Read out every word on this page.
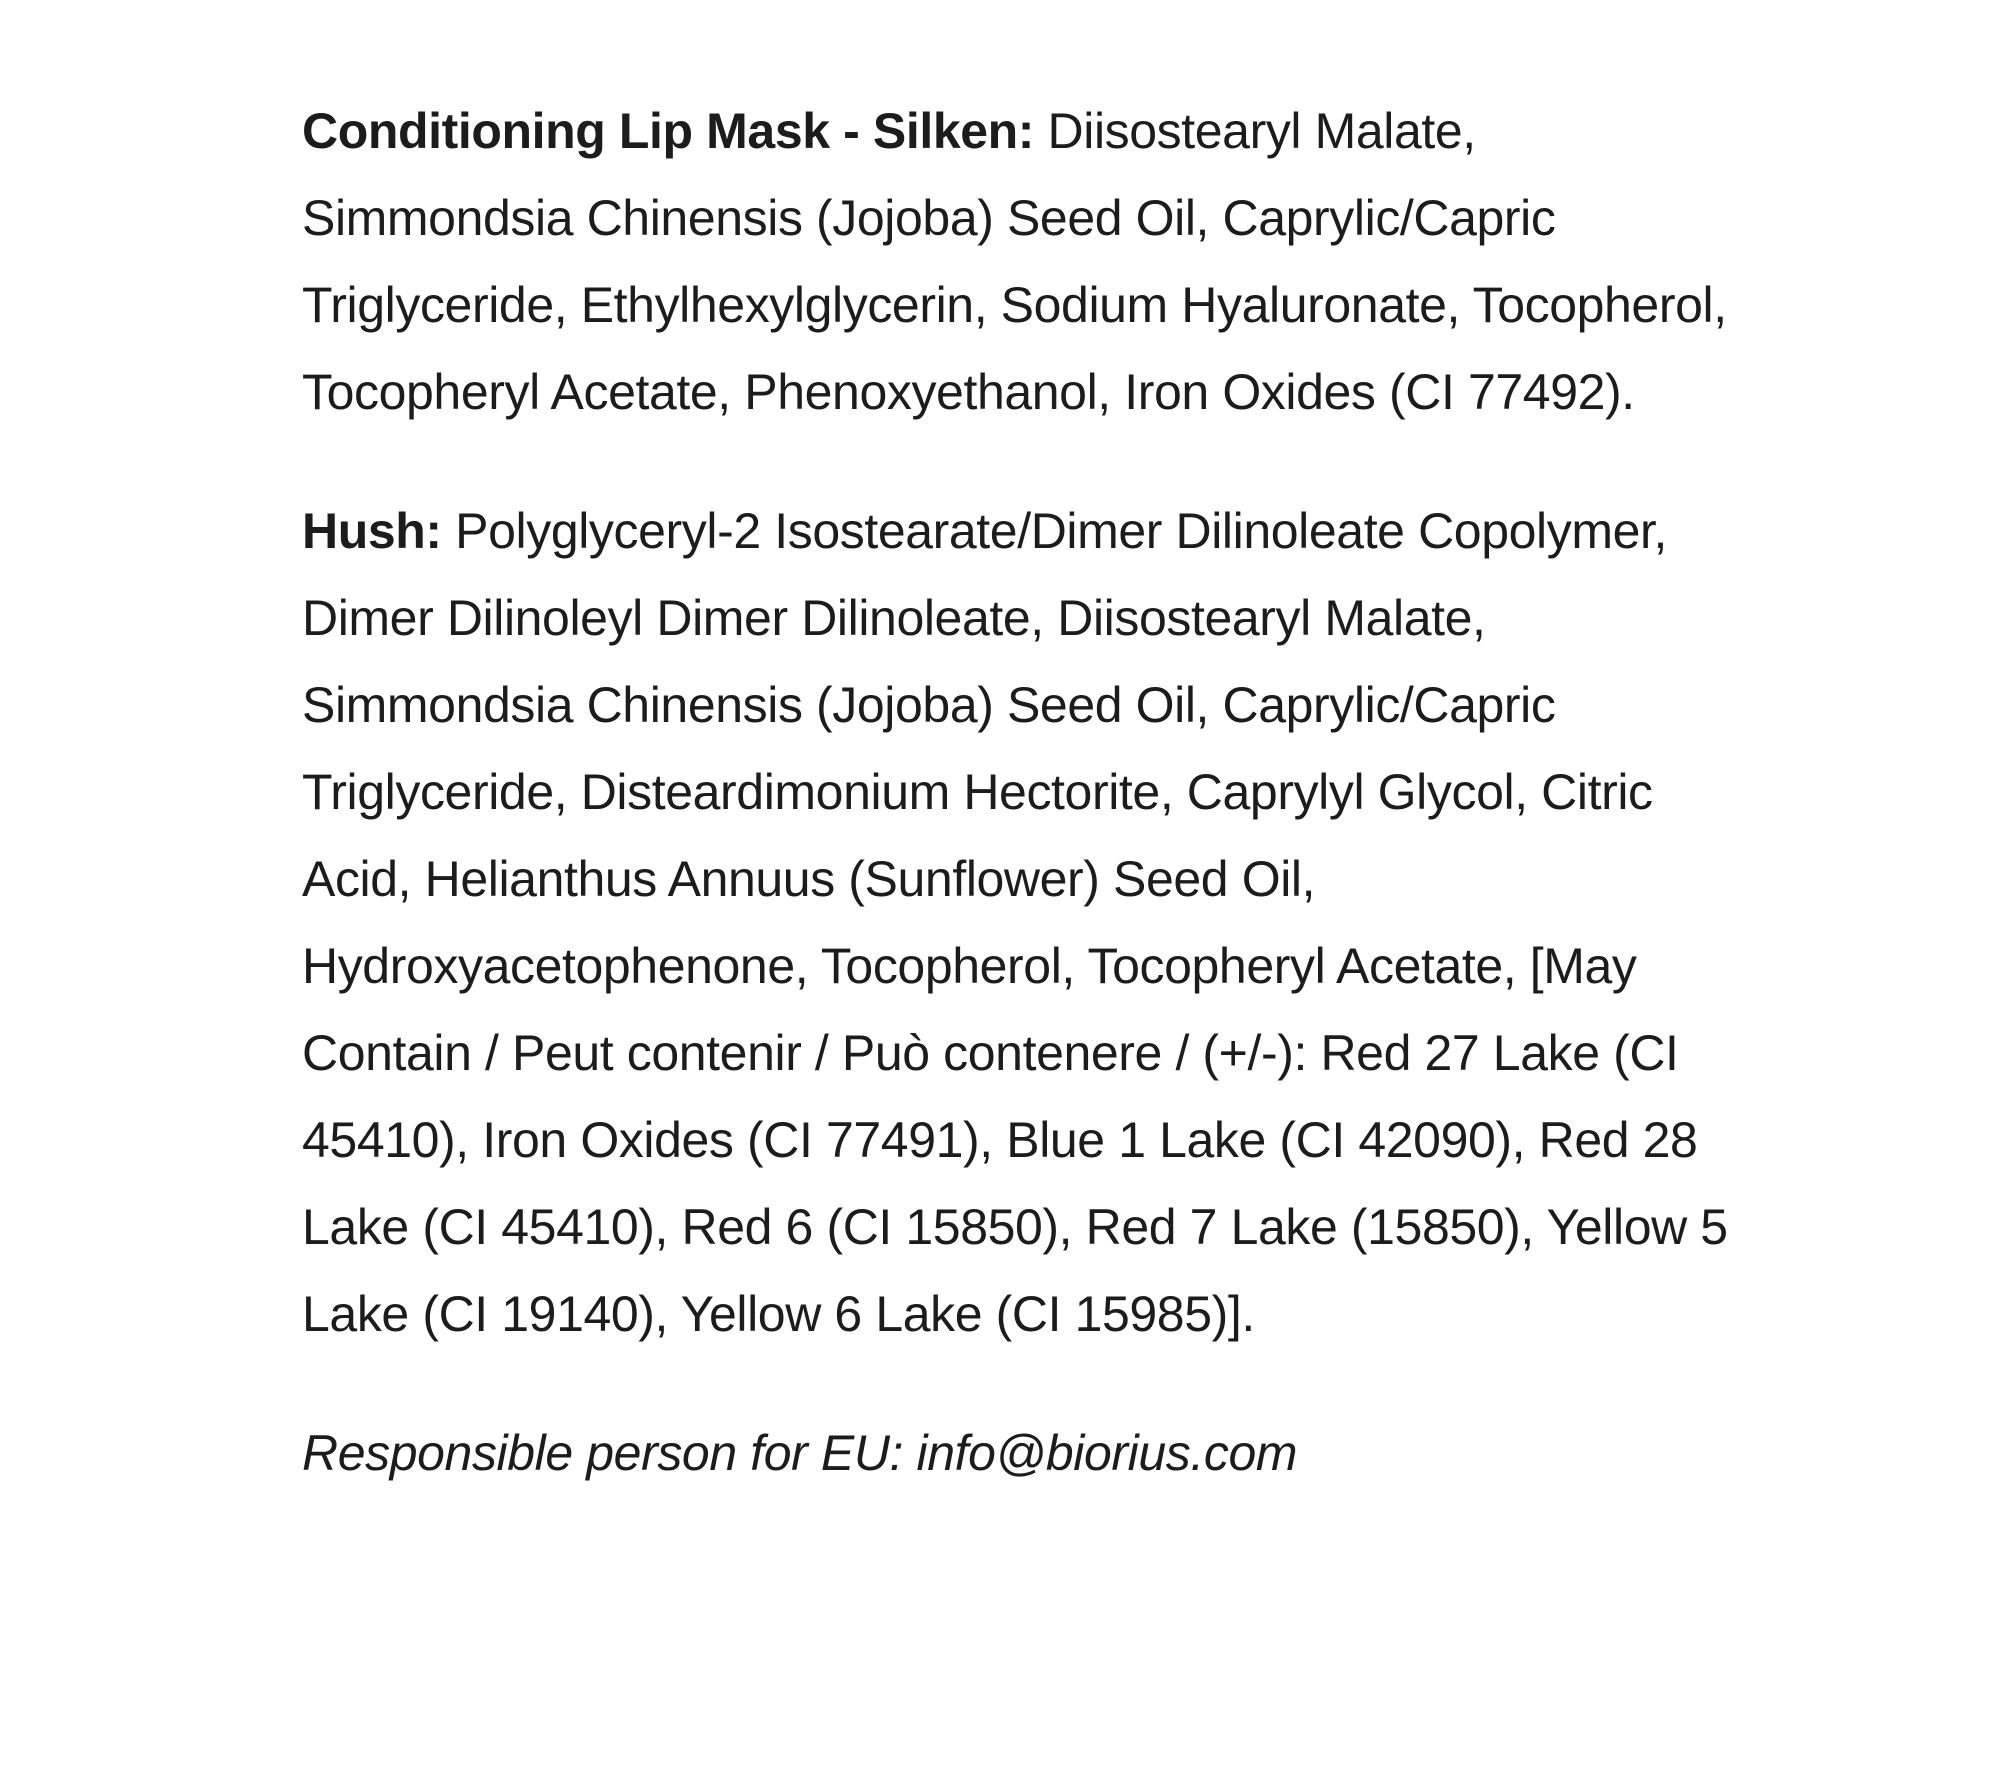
Conditioning Lip Mask - Silken: Diisostearyl Malate, Simmondsia Chinensis (Jojoba) Seed Oil, Caprylic/Capric Triglyceride, Ethylhexylglycerin, Sodium Hyaluronate, Tocopherol, Tocopheryl Acetate, Phenoxyethanol, Iron Oxides (CI 77492).

Hush: Polyglyceryl-2 Isostearate/Dimer Dilinoleate Copolymer, Dimer Dilinoleyl Dimer Dilinoleate, Diisostearyl Malate, Simmondsia Chinensis (Jojoba) Seed Oil, Caprylic/Capric Triglyceride, Disteardimonium Hectorite, Caprylyl Glycol, Citric Acid, Helianthus Annuus (Sunflower) Seed Oil, Hydroxyacetophenone, Tocopherol, Tocopheryl Acetate, [May Contain / Peut contenir / Può contenere / (+/-): Red 27 Lake (CI 45410), Iron Oxides (CI 77491), Blue 1 Lake (CI 42090), Red 28 Lake (CI 45410), Red 6 (CI 15850), Red 7 Lake (15850), Yellow 5 Lake (CI 19140), Yellow 6 Lake (CI 15985)].

Responsible person for EU: info@biorius.com
